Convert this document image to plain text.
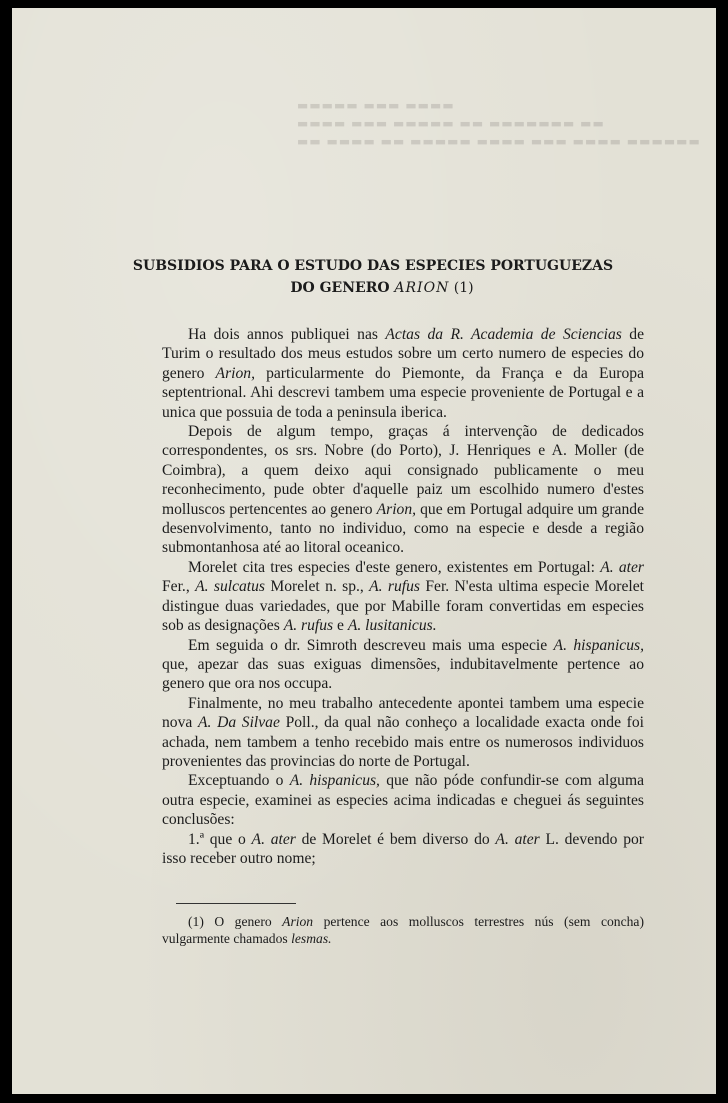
▬▬ ▬▬▬▬ ▬▬ ▬▬▬▬▬ ▬▬▬▬ ▬▬▬ ▬▬▬▬ ▬▬▬▬▬▬
▬▬▬▬ ▬▬▬ ▬▬▬▬▬ ▬▬ ▬▬▬▬▬▬▬ ▬▬
▬▬▬▬▬ ▬▬▬ ▬▬▬▬
SUBSIDIOS PARA O ESTUDO DAS ESPECIES PORTUGUEZAS
DO GENERO ARION (1)

Ha dois annos publiquei nas Actas da R. Academia de Sciencias de Turim o resultado dos meus estudos sobre um certo numero de especies do genero Arion, particularmente do Piemonte, da França e da Europa septentrional. Ahi descrevi tambem uma especie proveniente de Portugal e a unica que possuia de toda a peninsula iberica.

Depois de algum tempo, graças á intervenção de dedicados correspondentes, os srs. Nobre (do Porto), J. Henriques e A. Moller (de Coimbra), a quem deixo aqui consignado publicamente o meu reconhecimento, pude obter d'aquelle paiz um escolhido numero d'estes molluscos pertencentes ao genero Arion, que em Portugal adquire um grande desenvolvimento, tanto no individuo, como na especie e desde a região submontanhosa até ao litoral oceanico.

Morelet cita tres especies d'este genero, existentes em Portugal: A. ater Fer., A. sulcatus Morelet n. sp., A. rufus Fer. N'esta ultima especie Morelet distingue duas variedades, que por Mabille foram convertidas em especies sob as designações A. rufus e A. lusitanicus.

Em seguida o dr. Simroth descreveu mais uma especie A. hispanicus, que, apezar das suas exiguas dimensões, indubitavelmente pertence ao genero que ora nos occupa.

Finalmente, no meu trabalho antecedente apontei tambem uma especie nova A. Da Silvae Poll., da qual não conheço a localidade exacta onde foi achada, nem tambem a tenho recebido mais entre os numerosos individuos provenientes das provincias do norte de Portugal.

Exceptuando o A. hispanicus, que não póde confundir-se com alguma outra especie, examinei as especies acima indicadas e cheguei ás seguintes conclusões:

1.ª que o A. ater de Morelet é bem diverso do A. ater L. devendo por isso receber outro nome;

(1) O genero Arion pertence aos molluscos terrestres nús (sem concha) vulgarmente chamados lesmas.
